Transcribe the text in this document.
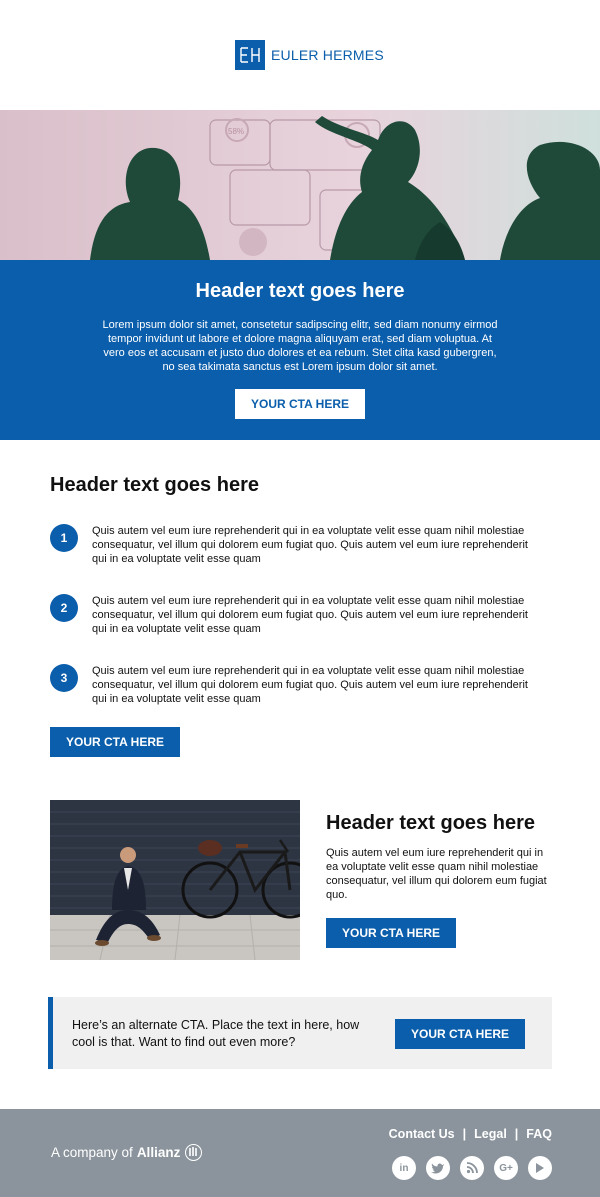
EULER HERMES
58%
Header text goes here

Lorem ipsum dolor sit amet, consetetur sadipscing elitr, sed diam nonumy eirmod tempor invidunt ut labore et dolore magna aliquyam erat, sed diam voluptua. At vero eos et accusam et justo duo dolores et ea rebum. Stet clita kasd gubergren, no sea takimata sanctus est Lorem ipsum dolor sit amet.

YOUR CTA HERE
Header text goes here
1	Quis autem vel eum iure reprehenderit qui in ea voluptate velit esse quam nihil molestiae consequatur, vel illum qui dolorem eum fugiat quo. Quis autem vel eum iure reprehenderit qui in ea voluptate velit esse quam
2	Quis autem vel eum iure reprehenderit qui in ea voluptate velit esse quam nihil molestiae consequatur, vel illum qui dolorem eum fugiat quo. Quis autem vel eum iure reprehenderit qui in ea voluptate velit esse quam
3	Quis autem vel eum iure reprehenderit qui in ea voluptate velit esse quam nihil molestiae consequatur, vel illum qui dolorem eum fugiat quo. Quis autem vel eum iure reprehenderit qui in ea voluptate velit esse quam
YOUR CTA HERE
Header text goes here
Quis autem vel eum iure reprehenderit qui in ea voluptate velit esse quam nihil molestiae consequatur, vel illum qui dolorem eum fugiat quo.
YOUR CTA HERE

Here’s an alternate CTA. Place the text in here, how cool is that. Want to find out even more?

YOUR CTA HERE
A company of Allianz
Contact Us | Legal | FAQ
in	G+
